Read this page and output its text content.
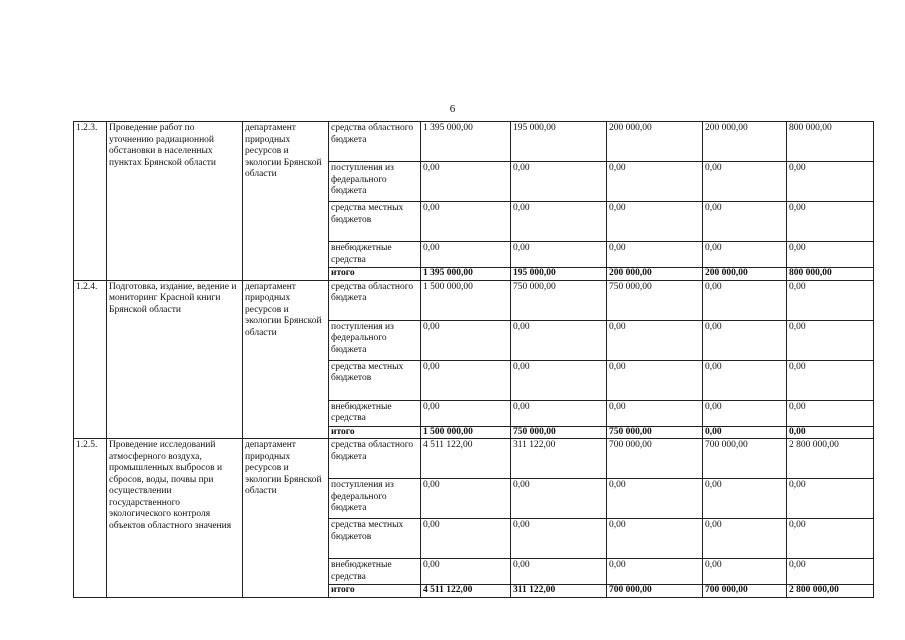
6
1.2.3.	Проведение работ по уточнению радиационной обстановки в населенных пунктах Брянской области	департамент природных ресурсов и экологии Брянской области	средства областного бюджета	1 395 000,00	195 000,00	200 000,00	200 000,00	800 000,00
			поступления из федерального бюджета	0,00	0,00	0,00	0,00	0,00
			средства местных бюджетов	0,00	0,00	0,00	0,00	0,00
			внебюджетные средства	0,00	0,00	0,00	0,00	0,00
			итого	1 395 000,00	195 000,00	200 000,00	200 000,00	800 000,00
1.2.4.	Подготовка, издание, ведение и мониторинг Красной книги Брянской области	департамент природных ресурсов и экологии Брянской области	средства областного бюджета	1 500 000,00	750 000,00	750 000,00	0,00	0,00
			поступления из федерального бюджета	0,00	0,00	0,00	0,00	0,00
			средства местных бюджетов	0,00	0,00	0,00	0,00	0,00
			внебюджетные средства	0,00	0,00	0,00	0,00	0,00
			итого	1 500 000,00	750 000,00	750 000,00	0,00	0,00
1.2.5.	Проведение исследований атмосферного воздуха, промышленных выбросов и сбросов, воды, почвы при осуществлении государственного экологического контроля объектов областного значения	департамент природных ресурсов и экологии Брянской области	средства областного бюджета	4 511 122,00	311 122,00	700 000,00	700 000,00	2 800 000,00
			поступления из федерального бюджета	0,00	0,00	0,00	0,00	0,00
			средства местных бюджетов	0,00	0,00	0,00	0,00	0,00
			внебюджетные средства	0,00	0,00	0,00	0,00	0,00
			итого	4 511 122,00	311 122,00	700 000,00	700 000,00	2 800 000,00
